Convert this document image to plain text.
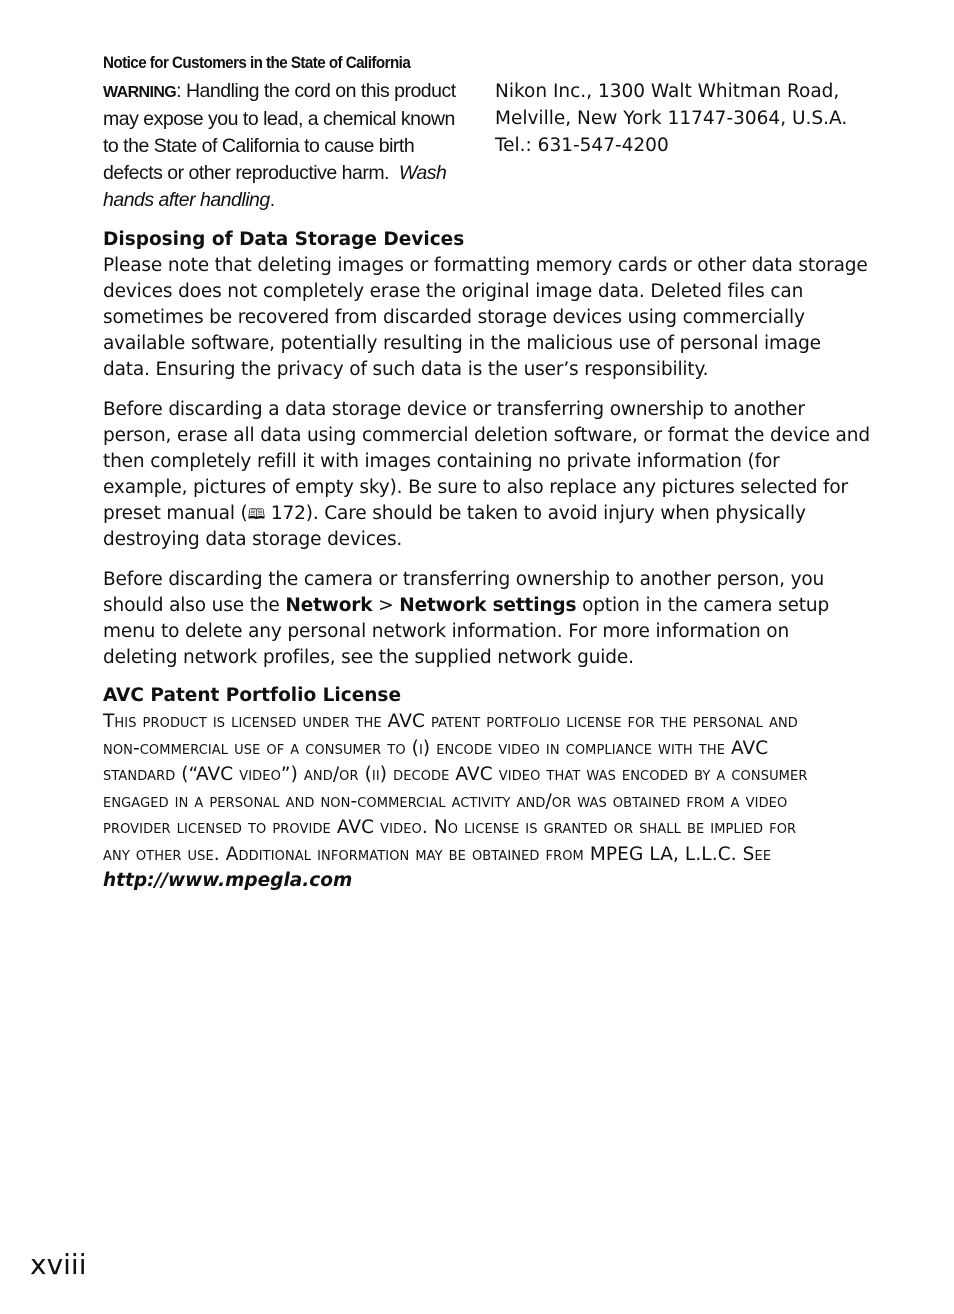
Notice for Customers in the State of California
WARNING: Handling the cord on this product
may expose you to lead, a chemical known
to the State of California to cause birth
defects or other reproductive harm. Wash
hands after handling.
Nikon Inc., 1300 Walt Whitman Road,
Melville, New York 11747-3064, U.S.A.
Tel.: 631-547-4200
Disposing of Data Storage Devices

Please note that deleting images or formatting memory cards or other data storage
devices does not completely erase the original image data. Deleted files can
sometimes be recovered from discarded storage devices using commercially
available software, potentially resulting in the malicious use of personal image
data. Ensuring the privacy of such data is the user’s responsibility.

Before discarding a data storage device or transferring ownership to another
person, erase all data using commercial deletion software, or format the device and
then completely refill it with images containing no private information (for
example, pictures of empty sky). Be sure to also replace any pictures selected for
preset manual (🕮 172). Care should be taken to avoid injury when physically
destroying data storage devices.

Before discarding the camera or transferring ownership to another person, you
should also use the Network > Network settings option in the camera setup
menu to delete any personal network information. For more information on
deleting network profiles, see the supplied network guide.

AVC Patent Portfolio License
This product is licensed under the AVC patent portfolio license for the personal and
non-commercial use of a consumer to (i) encode video in compliance with the AVC
standard (“AVC video”) and/or (ii) decode AVC video that was encoded by a consumer
engaged in a personal and non-commercial activity and/or was obtained from a video
provider licensed to provide AVC video. No license is granted or shall be implied for
any other use. Additional information may be obtained from MPEG LA, L.L.C. See
http://www.mpegla.com
xviii
